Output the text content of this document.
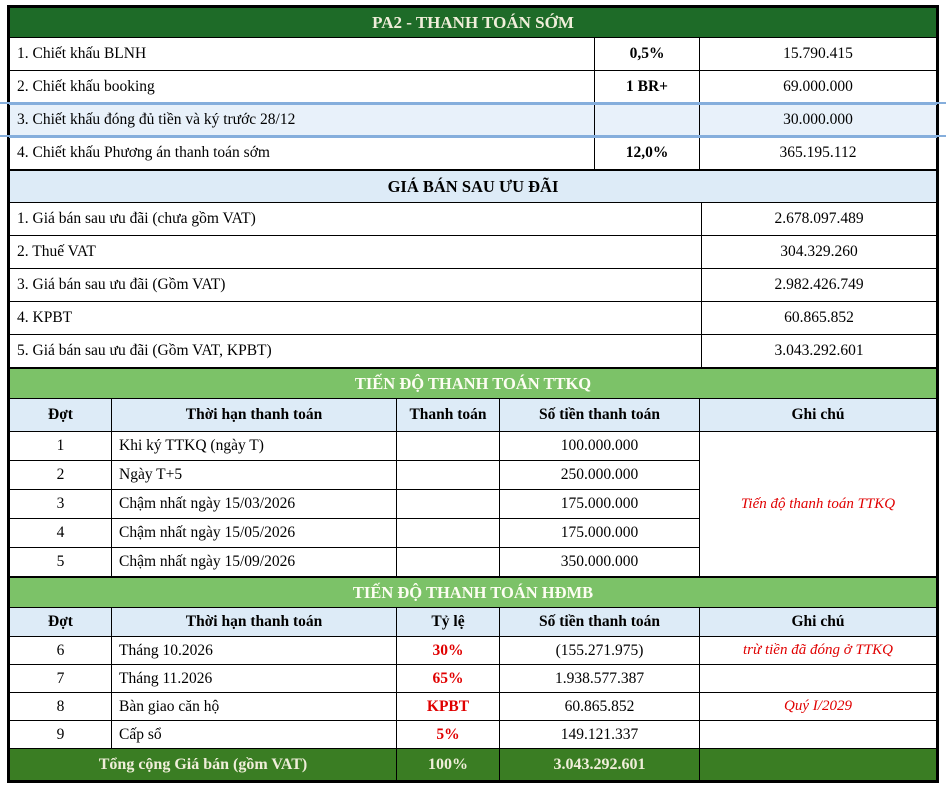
PA2 - THANH TOÁN SỚM		
1. Chiết khấu BLNH	0,5%	15.790.415
2. Chiết khấu booking	1 BR+	69.000.000
3. Chiết khấu đóng đủ tiền và ký trước 28/12		30.000.000
4. Chiết khấu Phương án thanh toán sớm	12,0%	365.195.112
GIÁ BÁN SAU ƯU ĐÃI	
1. Giá bán sau ưu đãi (chưa gồm VAT)	2.678.097.489
2. Thuế VAT	304.329.260
3. Giá bán sau ưu đãi (Gồm VAT)	2.982.426.749
4. KPBT	60.865.852
5. Giá bán sau ưu đãi (Gồm VAT, KPBT)	3.043.292.601
TIẾN ĐỘ THANH TOÁN TTKQ				
Đợt	Thời hạn thanh toán	Thanh toán	Số tiền thanh toán	Ghi chú
1	Khi ký TTKQ (ngày T)		100.000.000	Tiến độ thanh toán TTKQ
2	Ngày T+5		250.000.000	
3	Chậm nhất ngày 15/03/2026		175.000.000	
4	Chậm nhất ngày 15/05/2026		175.000.000	
5	Chậm nhất ngày 15/09/2026		350.000.000	
TIẾN ĐỘ THANH TOÁN HĐMB				
Đợt	Thời hạn thanh toán	Tỷ lệ	Số tiền thanh toán	Ghi chú
6	Tháng 10.2026	30%	(155.271.975)	trừ tiền đã đóng ở TTKQ
7	Tháng 11.2026	65%	1.938.577.387	
8	Bàn giao căn hộ	KPBT	60.865.852	Quý I/2029
9	Cấp sổ	5%	149.121.337	
Tổng cộng Giá bán (gồm VAT)		100%	3.043.292.601	
